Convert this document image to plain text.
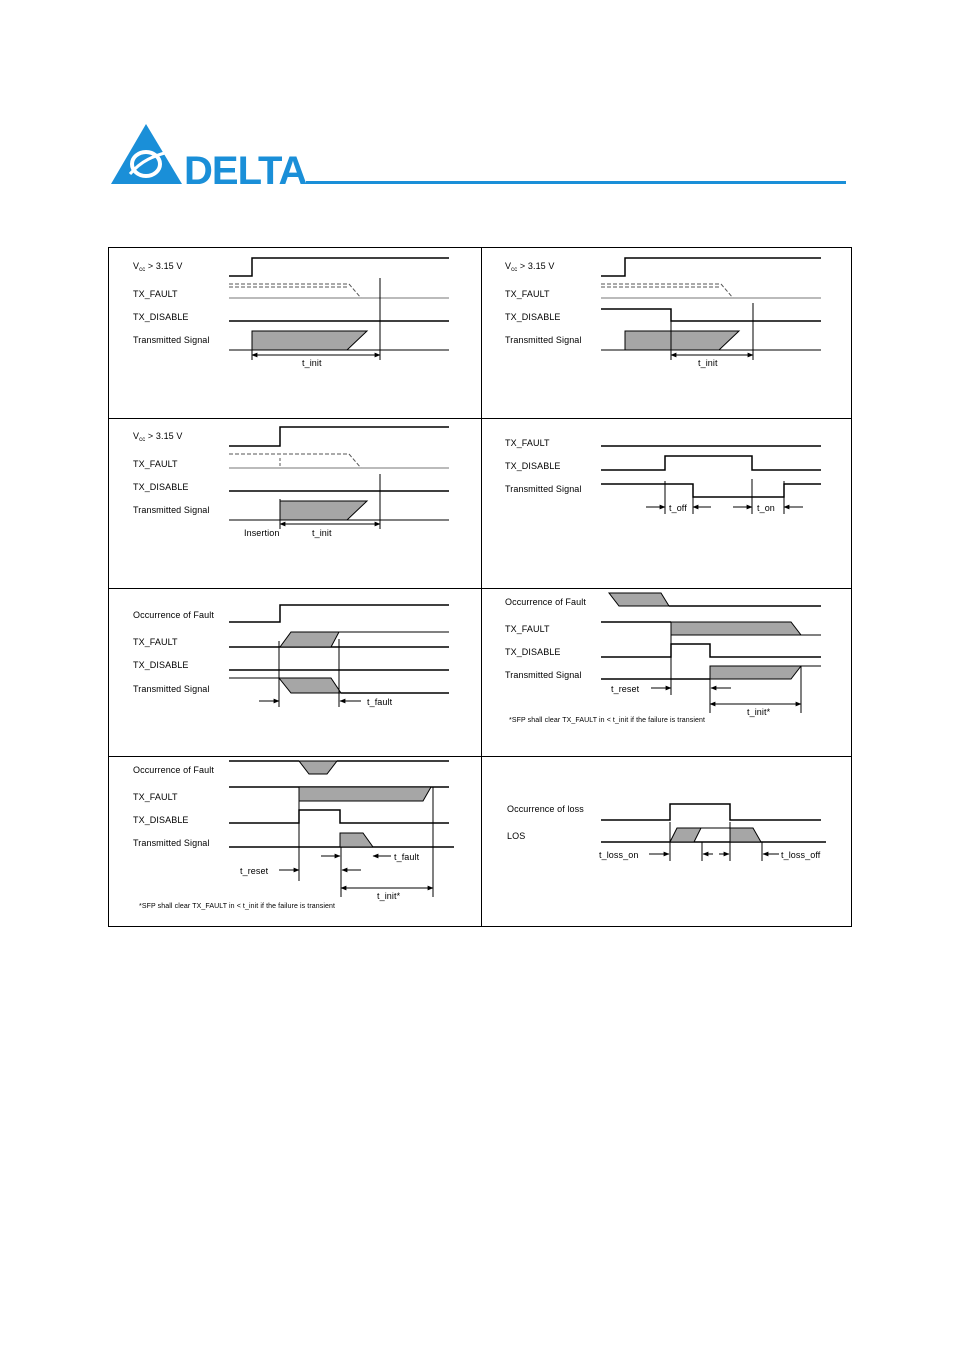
DELTA
$V_{cc} > 3.15$ V
TX_FAULT
TX_DISABLE
Transmitted Signal
t_init
$V_{cc} > 3.15$ V
TX_FAULT
TX_DISABLE
Transmitted Signal
t_init
$V_{cc} > 3.15$ V
TX_FAULT
TX_DISABLE
Transmitted Signal
Insertion	t_init
TX_FAULT
TX_DISABLE
Transmitted Signal
t_off	t_on
Occurrence of Fault
TX_FAULT
TX_DISABLE
Transmitted Signal
t_fault
Occurrence of Fault
TX_FAULT
TX_DISABLE
Transmitted Signal
t_reset
t_init*
*SFP shall clear TX_FAULT in < t_init if the failure is transient
Occurrence of Fault
TX_FAULT
TX_DISABLE
Transmitted Signal
t_fault
t_reset
t_init*
*SFP shall clear TX_FAULT in < t_init if the failure is transient
Occurrence of loss
LOS
t_loss_on	t_loss_off
